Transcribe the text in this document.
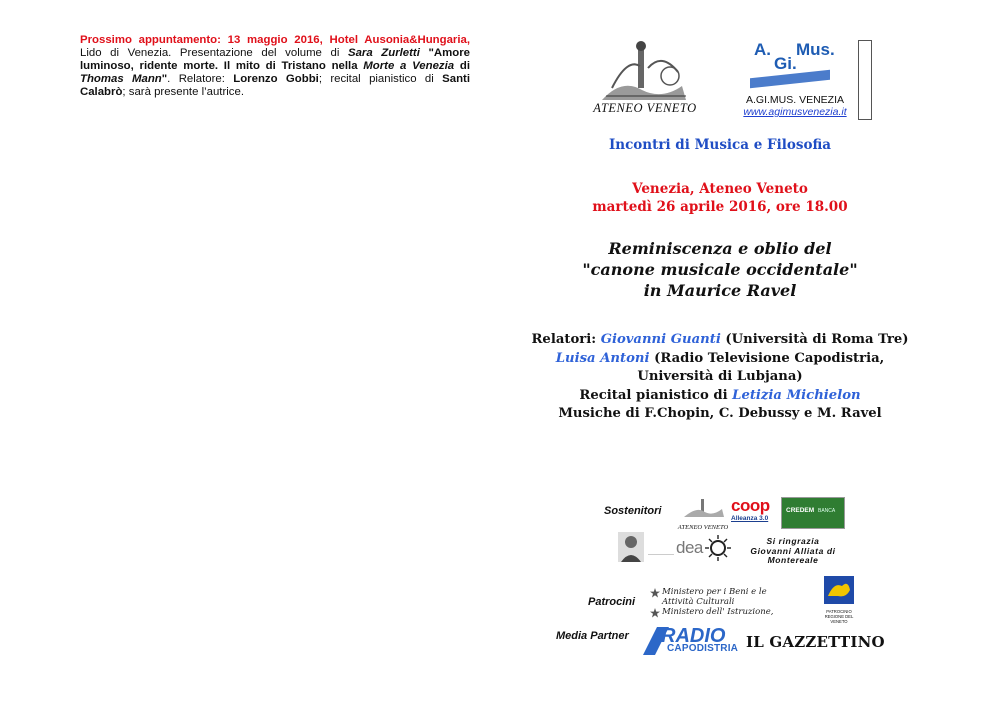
Prossimo appuntamento: 13 maggio 2016, Hotel Ausonia&Hungaria, Lido di Venezia. Presentazione del volume di Sara Zurletti "Amore luminoso, ridente morte. Il mito di Tristano nella Morte a Venezia di Thomas Mann". Relatore: Lorenzo Gobbi; recital pianistico di Santi Calabrò; sarà presente l’autrice.
ATENEO VENETO
A.
Gi.
Mus.
A.GI.MUS. VENEZIA
www.agimusvenezia.it
Incontri di Musica e Filosofia
Venezia, Ateneo Veneto
martedì 26 aprile 2016, ore 18.00
Reminiscenza e oblio del
"canone musicale occidentale"
in Maurice Ravel
Relatori: Giovanni Guanti (Università di Roma Tre)
Luisa Antoni (Radio Televisione Capodistria, Università di Lubjana)
Recital pianistico di Letizia Michielon
Musiche di F.Chopin, C. Debussy e M. Ravel
Sostenitori
ATENEO VENETO
coop
Alleanza 3.0
CREDEM BANCA
dea	Si ringrazia Giovanni Alliata di Montereale
Patrocini
Ministero per i Beni e le Attività Culturali
Ministero dell' Istruzione,	PATROCINIO REGIONE DEL VENETO
Media Partner	RADIO
CAPODISTRIA IL GAZZETTINO
